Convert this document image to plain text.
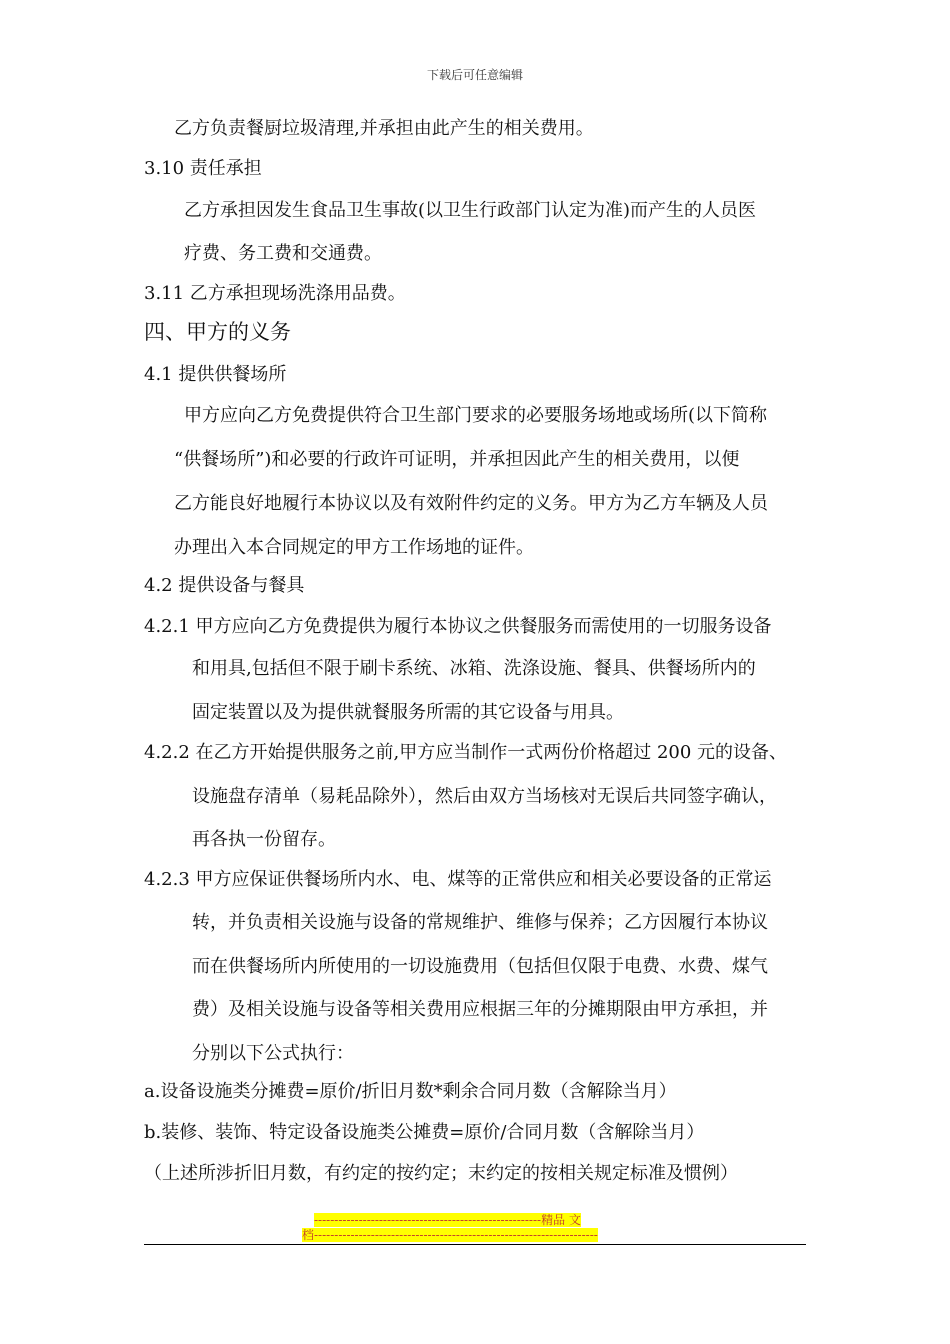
下载后可任意编辑
乙方负责餐厨垃圾清理,并承担由此产生的相关费用。
3.10 责任承担
乙方承担因发生食品卫生事故(以卫生行政部门认定为准)而产生的人员医
疗费、务工费和交通费。
3.11 乙方承担现场洗涤用品费。
四、甲方的义务
4.1 提供供餐场所
甲方应向乙方免费提供符合卫生部门要求的必要服务场地或场所(以下简称
“供餐场所”)和必要的行政许可证明，并承担因此产生的相关费用，以便
乙方能良好地履行本协议以及有效附件约定的义务。甲方为乙方车辆及人员
办理出入本合同规定的甲方工作场地的证件。
4.2 提供设备与餐具
4.2.1 甲方应向乙方免费提供为履行本协议之供餐服务而需使用的一切服务设备
和用具,包括但不限于刷卡系统、冰箱、洗涤设施、餐具、供餐场所内的
固定装置以及为提供就餐服务所需的其它设备与用具。
4.2.2 在乙方开始提供服务之前,甲方应当制作一式两份价格超过 200 元的设备、
设施盘存清单（易耗品除外），然后由双方当场核对无误后共同签字确认，
再各执一份留存。
4.2.3 甲方应保证供餐场所内水、电、煤等的正常供应和相关必要设备的正常运
转，并负责相关设施与设备的常规维护、维修与保养；乙方因履行本协议
而在供餐场所内所使用的一切设施费用（包括但仅限于电费、水费、煤气
费）及相关设施与设备等相关费用应根据三年的分摊期限由甲方承担，并
分别以下公式执行：
a.设备设施类分摊费=原价/折旧月数*剩余合同月数（含解除当月）
b.装修、装饰、特定设备设施类公摊费=原价/合同月数（含解除当月）
（上述所涉折旧月数，有约定的按约定；末约定的按相关规定标准及惯例）
--------------------------------------------------------精品 文
档----------------------------------------------------------------------
